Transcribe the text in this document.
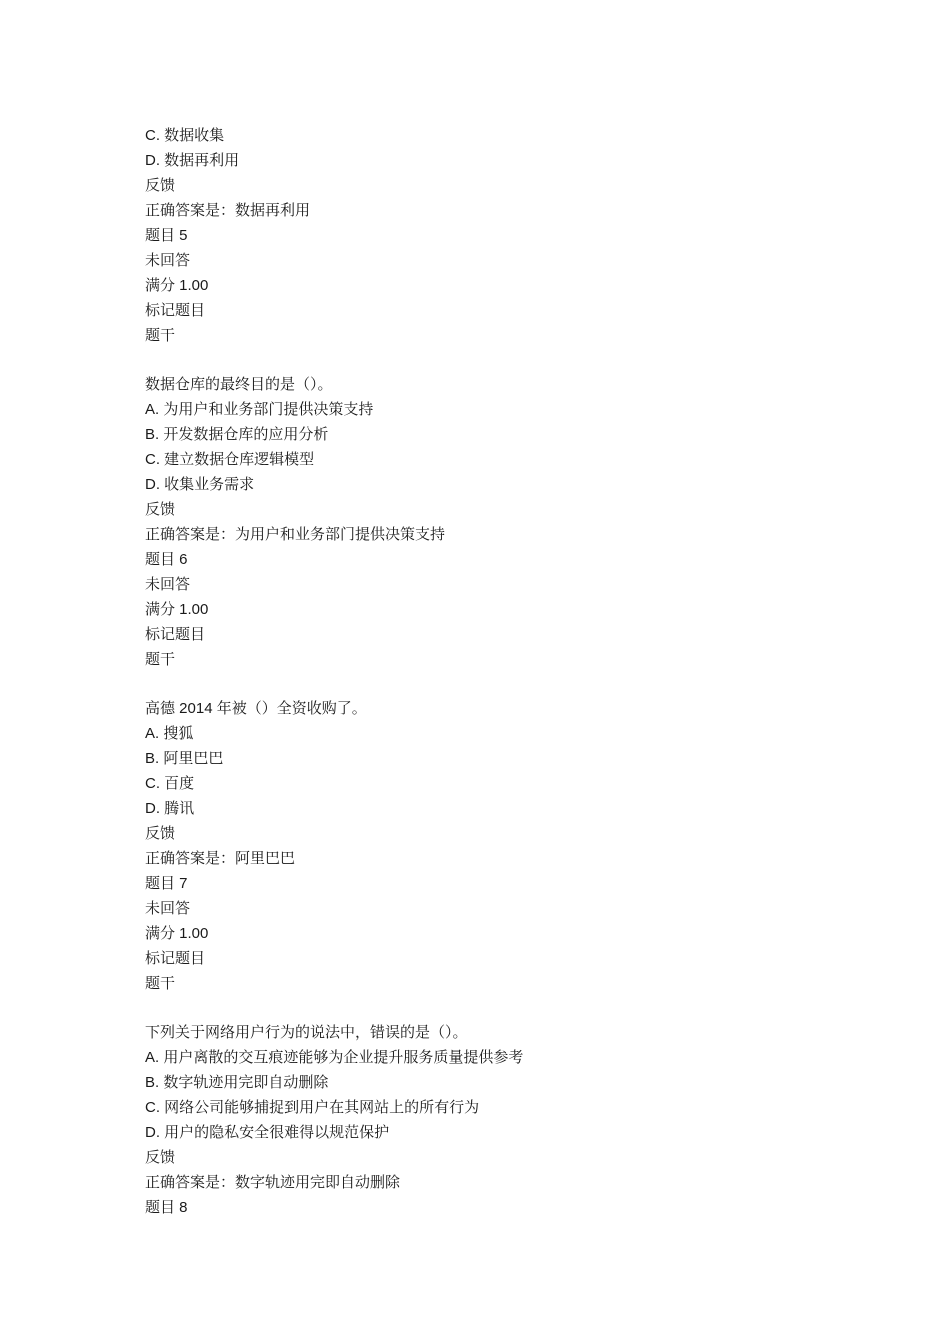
C. 数据收集
D. 数据再利用
反馈
正确答案是：数据再利用
题目 5
未回答
满分 1.00
标记题目
题干
数据仓库的最终目的是（）。
A. 为用户和业务部门提供决策支持
B. 开发数据仓库的应用分析
C. 建立数据仓库逻辑模型
D. 收集业务需求
反馈
正确答案是：为用户和业务部门提供决策支持
题目 6
未回答
满分 1.00
标记题目
题干
高德 2014 年被（）全资收购了。
A. 搜狐
B. 阿里巴巴
C. 百度
D. 腾讯
反馈
正确答案是：阿里巴巴
题目 7
未回答
满分 1.00
标记题目
题干
下列关于网络用户行为的说法中，错误的是（）。
A. 用户离散的交互痕迹能够为企业提升服务质量提供参考
B. 数字轨迹用完即自动删除
C. 网络公司能够捕捉到用户在其网站上的所有行为
D. 用户的隐私安全很难得以规范保护
反馈
正确答案是：数字轨迹用完即自动删除
题目 8
